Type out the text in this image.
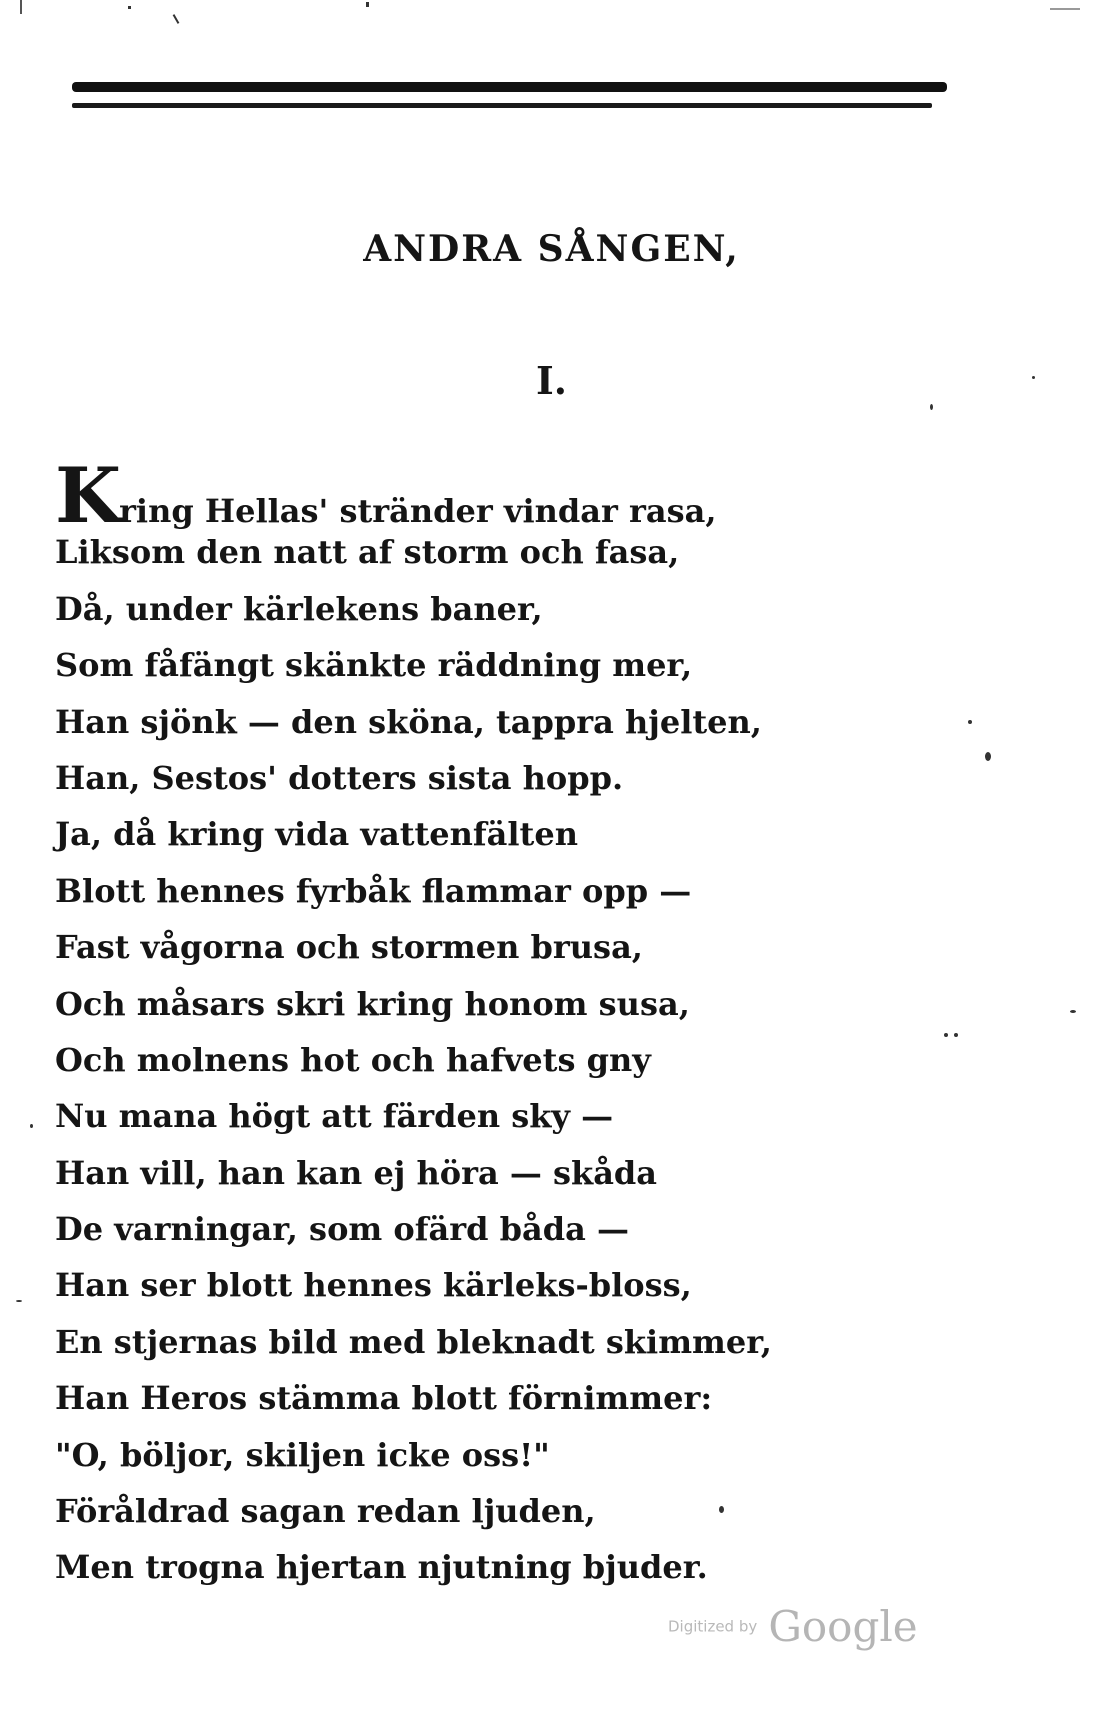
ANDRA SÅNGEN,
I.
Kring Hellas' stränder vindar rasa,
Liksom den natt af storm och fasa,
Då, under kärlekens baner,
Som fåfängt skänkte räddning mer,
Han sjönk — den sköna, tappra hjelten,
Han, Sestos' dotters sista hopp.
Ja, då kring vida vattenfälten
Blott hennes fyrbåk flammar opp —
Fast vågorna och stormen brusa,
Och måsars skri kring honom susa,
Och molnens hot och hafvets gny
Nu mana högt att färden sky —
Han vill, han kan ej höra — skåda
De varningar, som ofärd båda —
Han ser blott hennes kärleks-bloss,
En stjernas bild med bleknadt skimmer,
Han Heros stämma blott förnimmer:
"O, böljor, skiljen icke oss!"
Föråldrad sagan redan ljuden,
Men trogna hjertan njutning bjuder.
Digitized by Google
